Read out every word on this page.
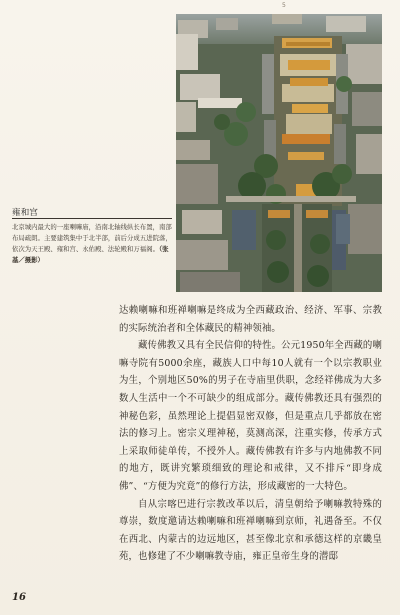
5
雍和宫
北京城内最大的一座喇嘛庙，沿南北轴线纵长布置，南部布局疏朗。主要建筑集中于北半部，前后分成五进院落，依次为天王殿、雍和宫、永佑殿、法轮殿和万福阁。（张　基／摄影）

达赖喇嘛和班禅喇嘛是终成为全西藏政治、经济、军事、宗教的实际统治者和全体藏民的精神领袖。

藏传佛教又具有全民信仰的特性。公元1950年全西藏的喇嘛寺院有5000余座，藏族人口中每10人就有一个以宗教职业为生，个别地区50%的男子在寺庙里供职，念经祥佛成为大多数人生活中一个不可缺少的组成部分。藏传佛教还具有强烈的神秘色彩，虽然理论上提倡显密双修，但是重点几乎都放在密法的修习上。密宗义理神秘，莫测高深，注重实修，传承方式上采取师徒单传，不授外人。藏传佛教有许多与内地佛教不同的地方，既讲究繁琐细致的理论和戒律，又不排斥“即身成佛”、“方便为究竟”的修行方法，形成藏密的一大特色。

自从宗喀巴进行宗教改革以后，清皇朝给予喇嘛教特殊的尊崇，数度邀请达赖喇嘛和班禅喇嘛到京师，礼遇备至。不仅在西北、内蒙古的边远地区，甚至像北京和承德这样的京畿皇苑，也修建了不少喇嘛教寺庙，雍正皇帝生身的潜邸

16
